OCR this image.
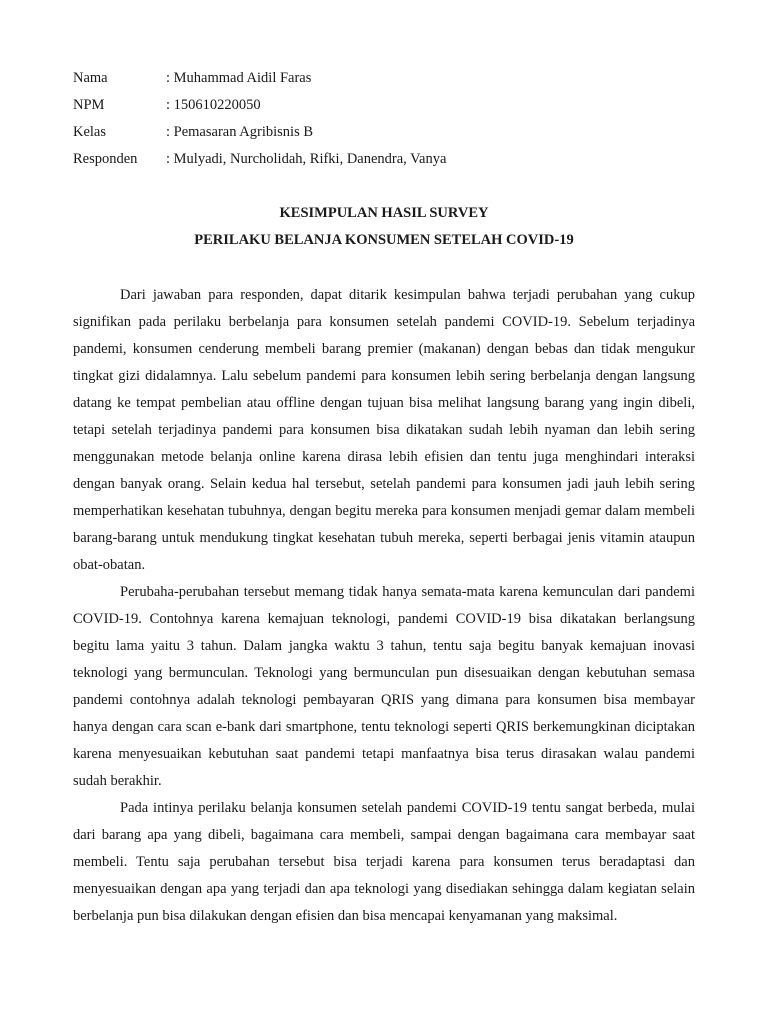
Nama	: Muhammad Aidil Faras
NPM	: 150610220050
Kelas	: Pemasaran Agribisnis B
Responden	: Mulyadi, Nurcholidah, Rifki, Danendra, Vanya
KESIMPULAN HASIL SURVEY
PERILAKU BELANJA KONSUMEN SETELAH COVID-19

Dari jawaban para responden, dapat ditarik kesimpulan bahwa terjadi perubahan yang cukup signifikan pada perilaku berbelanja para konsumen setelah pandemi COVID-19. Sebelum terjadinya pandemi, konsumen cenderung membeli barang premier (makanan) dengan bebas dan tidak mengukur tingkat gizi didalamnya. Lalu sebelum pandemi para konsumen lebih sering berbelanja dengan langsung datang ke tempat pembelian atau offline dengan tujuan bisa melihat langsung barang yang ingin dibeli, tetapi setelah terjadinya pandemi para konsumen bisa dikatakan sudah lebih nyaman dan lebih sering menggunakan metode belanja online karena dirasa lebih efisien dan tentu juga menghindari interaksi dengan banyak orang. Selain kedua hal tersebut, setelah pandemi para konsumen jadi jauh lebih sering memperhatikan kesehatan tubuhnya, dengan begitu mereka para konsumen menjadi gemar dalam membeli barang-barang untuk mendukung tingkat kesehatan tubuh mereka, seperti berbagai jenis vitamin ataupun obat-obatan.

Perubaha-perubahan tersebut memang tidak hanya semata-mata karena kemunculan dari pandemi COVID-19. Contohnya karena kemajuan teknologi, pandemi COVID-19 bisa dikatakan berlangsung begitu lama yaitu 3 tahun. Dalam jangka waktu 3 tahun, tentu saja begitu banyak kemajuan inovasi teknologi yang bermunculan. Teknologi yang bermunculan pun disesuaikan dengan kebutuhan semasa pandemi contohnya adalah teknologi pembayaran QRIS yang dimana para konsumen bisa membayar hanya dengan cara scan e-bank dari smartphone, tentu teknologi seperti QRIS berkemungkinan diciptakan karena menyesuaikan kebutuhan saat pandemi tetapi manfaatnya bisa terus dirasakan walau pandemi sudah berakhir.

Pada intinya perilaku belanja konsumen setelah pandemi COVID-19 tentu sangat berbeda, mulai dari barang apa yang dibeli, bagaimana cara membeli, sampai dengan bagaimana cara membayar saat membeli. Tentu saja perubahan tersebut bisa terjadi karena para konsumen terus beradaptasi dan menyesuaikan dengan apa yang terjadi dan apa teknologi yang disediakan sehingga dalam kegiatan selain berbelanja pun bisa dilakukan dengan efisien dan bisa mencapai kenyamanan yang maksimal.
